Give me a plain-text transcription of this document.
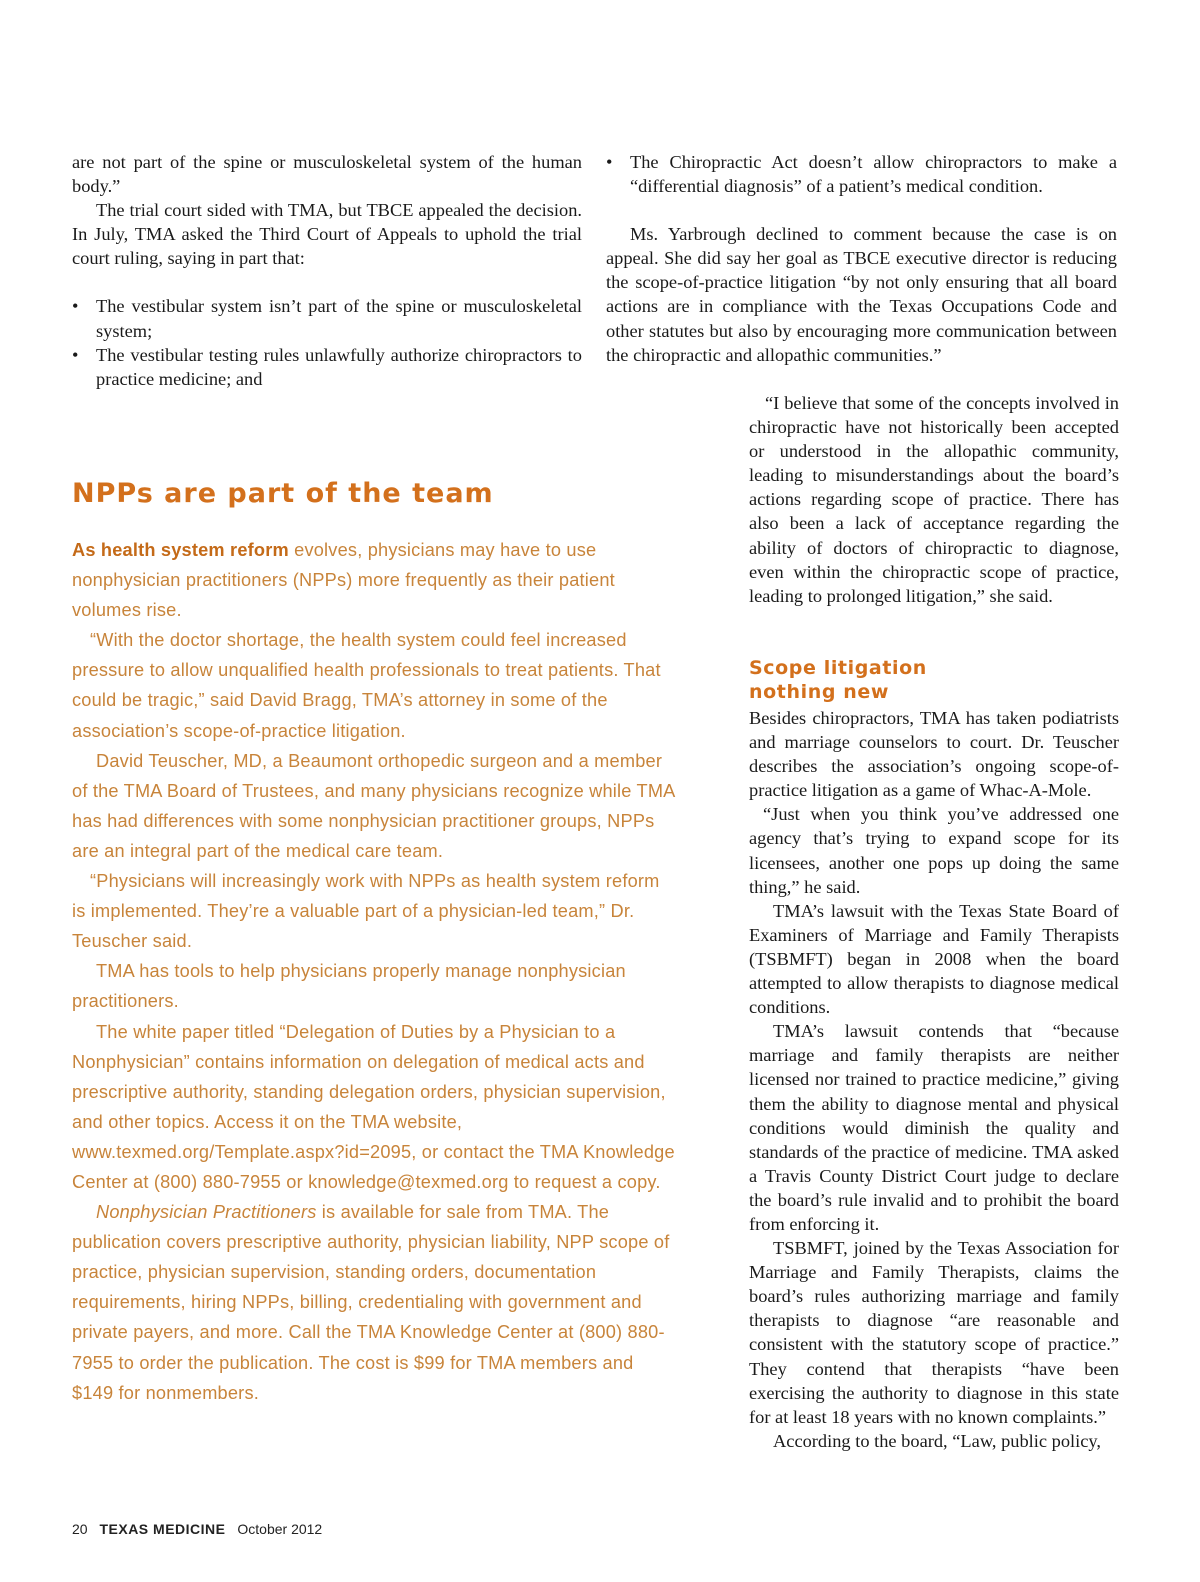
are not part of the spine or musculoskeletal system of the human body.”

The trial court sided with TMA, but TBCE appealed the decision. In July, TMA asked the Third Court of Appeals to uphold the trial court ruling, saying in part that:

• The vestibular system isn’t part of the spine or musculoskeletal system;
• The vestibular testing rules unlawfully authorize chiropractors to practice medicine; and
• The Chiropractic Act doesn’t allow chiropractors to make a “differential diagnosis” of a patient’s medical condition.

Ms. Yarbrough declined to comment because the case is on appeal. She did say her goal as TBCE executive director is reducing the scope-of-practice litigation “by not only ensuring that all board actions are in compliance with the Texas Occupations Code and other statutes but also by encouraging more communication between the chiropractic and allopathic communities.”

“I believe that some of the concepts involved in chiropractic have not historically been accepted or understood in the allopathic community, leading to misunderstandings about the board’s actions regarding scope of practice. There has also been a lack of acceptance regarding the ability of doctors of chiropractic to diagnose, even within the chiropractic scope of practice, leading to prolonged litigation,” she said.

NPPs are part of the team

As health system reform evolves, physicians may have to use nonphysician practitioners (NPPs) more frequently as their patient volumes rise.

“With the doctor shortage, the health system could feel increased pressure to allow unqualified health professionals to treat patients. That could be tragic,” said David Bragg, TMA’s attorney in some of the association’s scope-of-practice litigation.

David Teuscher, MD, a Beaumont orthopedic surgeon and a member of the TMA Board of Trustees, and many physicians recognize while TMA has had differences with some nonphysician practitioner groups, NPPs are an integral part of the medical care team.

“Physicians will increasingly work with NPPs as health system reform is implemented. They’re a valuable part of a physician-led team,” Dr. Teuscher said.

TMA has tools to help physicians properly manage nonphysician practitioners.

The white paper titled “Delegation of Duties by a Physician to a Nonphysician” contains information on delegation of medical acts and prescriptive authority, standing delegation orders, physician supervision, and other topics. Access it on the TMA website, www.texmed.org/Template.aspx?id=2095, or contact the TMA Knowledge Center at (800) 880-7955 or knowledge@texmed.org to request a copy.

Nonphysician Practitioners is available for sale from TMA. The publication covers prescriptive authority, physician liability, NPP scope of practice, physician supervision, standing orders, documentation requirements, hiring NPPs, billing, credentialing with government and private payers, and more. Call the TMA Knowledge Center at (800) 880-7955 to order the publication. The cost is $99 for TMA members and $149 for nonmembers.

Scope litigation
nothing new

Besides chiropractors, TMA has taken podiatrists and marriage counselors to court. Dr. Teuscher describes the association’s ongoing scope-of-practice litigation as a game of Whac-A-Mole.

“Just when you think you’ve addressed one agency that’s trying to expand scope for its licensees, another one pops up doing the same thing,” he said.

TMA’s lawsuit with the Texas State Board of Examiners of Marriage and Family Therapists (TSBMFT) began in 2008 when the board attempted to allow therapists to diagnose medical conditions.

TMA’s lawsuit contends that “because marriage and family therapists are neither licensed nor trained to practice medicine,” giving them the ability to diagnose mental and physical conditions would diminish the quality and standards of the practice of medicine. TMA asked a Travis County District Court judge to declare the board’s rule invalid and to prohibit the board from enforcing it.

TSBMFT, joined by the Texas Association for Marriage and Family Therapists, claims the board’s rules authorizing marriage and family therapists to diagnose “are reasonable and consistent with the statutory scope of practice.” They contend that therapists “have been exercising the authority to diagnose in this state for at least 18 years with no known complaints.”

According to the board, “Law, public policy,

20 TEXAS MEDICINE October 2012
